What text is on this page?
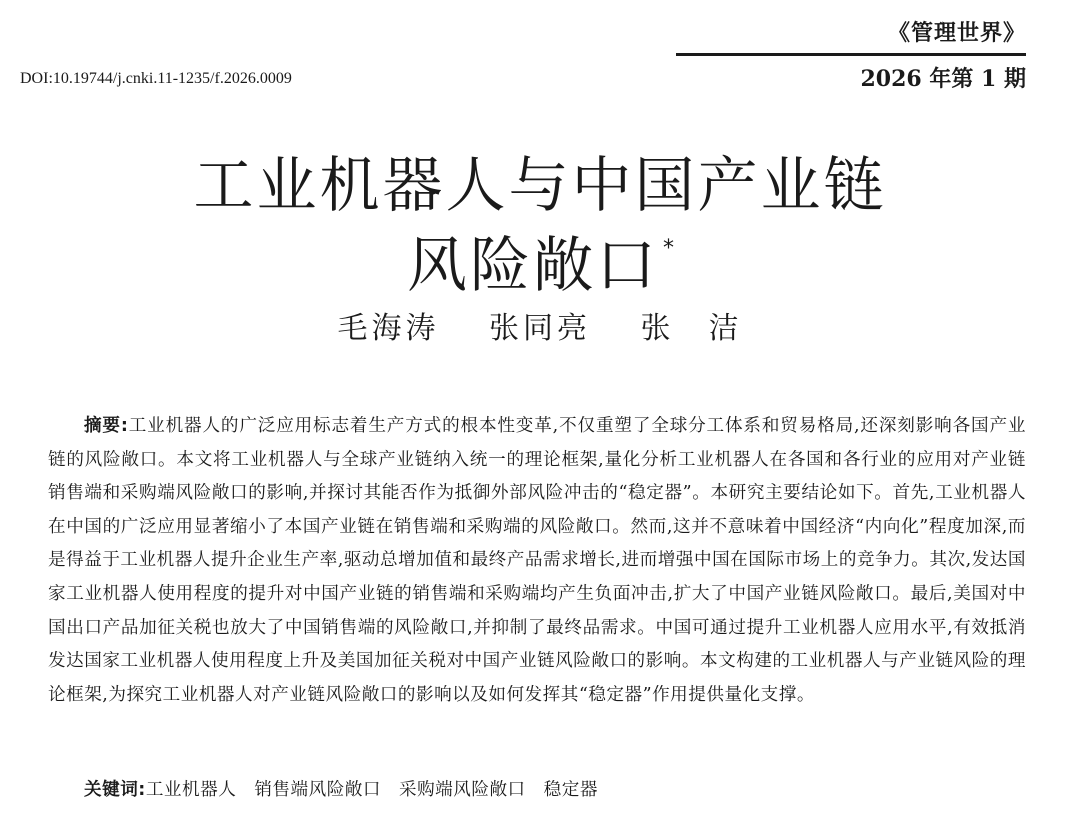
《管理世界》
DOI:10.19744/j.cnki.11-1235/f.2026.0009	2026 年第 1 期
工业机器人与中国产业链
风险敞口 *
毛海涛 张同亮 张　洁

摘要:工业机器人的广泛应用标志着生产方式的根本性变革,不仅重塑了全球分工体系和贸易格局,还深刻影响各国产业链的风险敞口。本文将工业机器人与全球产业链纳入统一的理论框架,量化分析工业机器人在各国和各行业的应用对产业链销售端和采购端风险敞口的影响,并探讨其能否作为抵御外部风险冲击的“稳定器”。本研究主要结论如下。首先,工业机器人在中国的广泛应用显著缩小了本国产业链在销售端和采购端的风险敞口。然而,这并不意味着中国经济“内向化”程度加深,而是得益于工业机器人提升企业生产率,驱动总增加值和最终产品需求增长,进而增强中国在国际市场上的竞争力。其次,发达国家工业机器人使用程度的提升对中国产业链的销售端和采购端均产生负面冲击,扩大了中国产业链风险敞口。最后,美国对中国出口产品加征关税也放大了中国销售端的风险敞口,并抑制了最终品需求。中国可通过提升工业机器人应用水平,有效抵消发达国家工业机器人使用程度上升及美国加征关税对中国产业链风险敞口的影响。本文构建的工业机器人与产业链风险的理论框架,为探究工业机器人对产业链风险敞口的影响以及如何发挥其“稳定器”作用提供量化支撑。

关键词:工业机器人 销售端风险敞口 采购端风险敞口 稳定器
